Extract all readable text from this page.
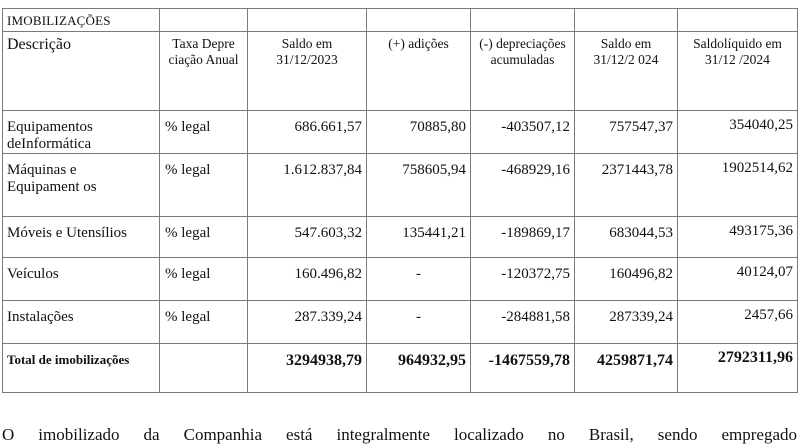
IMOBILIZAÇÕES						

Descrição	Taxa Depre ciação Anual	Saldo em 31/12/2023	(+) adições	(-) depreciações acumuladas	Saldo em 31/12/2 024	Saldolíquido em 31/12 /2024

Equipamentos deInformática	% legal	686.661,57	70885,80	-403507,12	757547,37	354040,25

Máquinas e Equipament os	% legal	1.612.837,84	758605,94	-468929,16	2371443,78	1902514,62

Móveis e Utensílios	% legal	547.603,32	135441,21	-189869,17	683044,53	493175,36

Veículos	% legal	160.496,82	-	-120372,75	160496,82	40124,07

Instalações	% legal	287.339,24	-	-284881,58	287339,24	2457,66

Total de imobilizações		3294938,79	964932,95	-1467559,78	4259871,74	2792311,96
O imobilizado da Companhia está integralmente localizado no Brasil, sendo empregado
